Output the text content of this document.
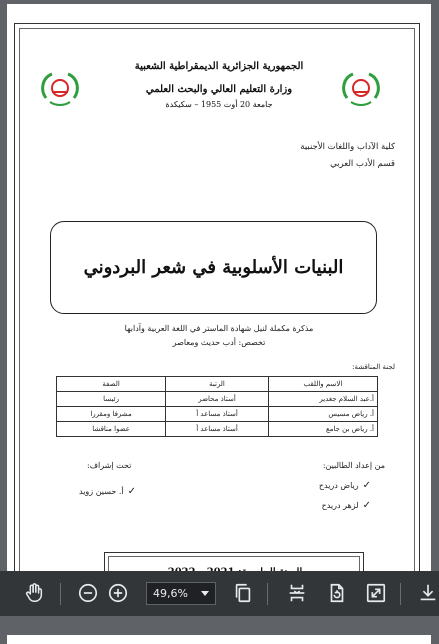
الجمهورية الجزائرية الديمقراطية الشعبية
وزارة التعليم العالي والبحث العلمي
جامعة 20 أوت 1955 – سكيكدة
كلية الآداب واللغات الأجنبية
قسم الأدب العربي
البنيات الأسلوبية في شعر البردوني
مذكرة مكملة لنيل شهادة الماستر في اللغة العربية وآدابها
تخصص: أدب حديث ومعاصر
لجنة المناقشة:
الاسم واللقب	الرتبة	الصفة
أ.عبد السلام جغدير	أستاذ محاضر	رئيسا
أ. رياض مسيس	أستاذ مساعد أ	مشرفا ومقررا
أ. رياض بن جامع	أستاذ مساعد أ	عضوا مناقشا
من إعداد الطالبين:
✓رياض دريدح
✓لزهر دريدح
تحت إشراف:
✓أ. حسين زويد
49,6%
